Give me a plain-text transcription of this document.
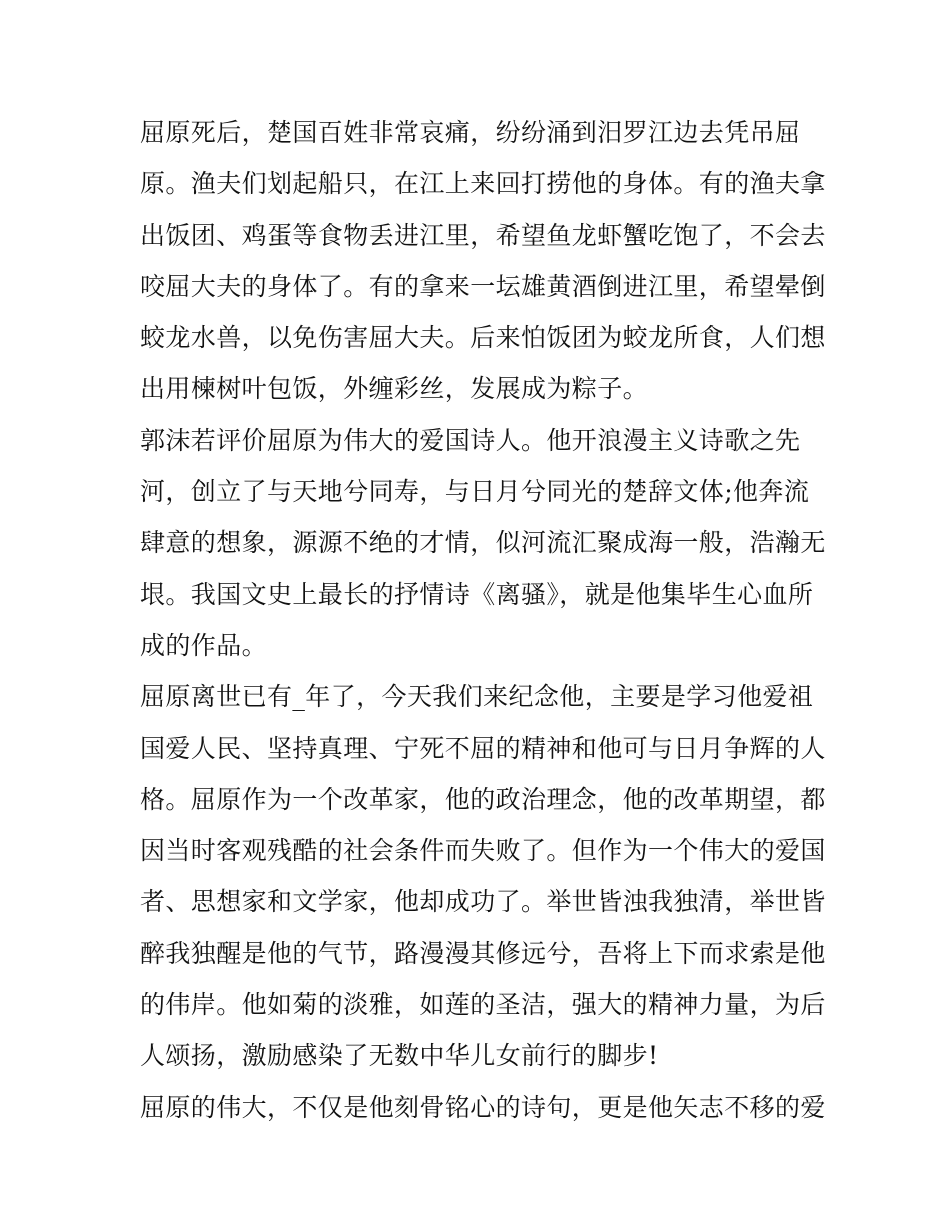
屈原死后，楚国百姓非常哀痛，纷纷涌到汨罗江边去凭吊屈
原。渔夫们划起船只，在江上来回打捞他的身体。有的渔夫拿
出饭团、鸡蛋等食物丢进江里，希望鱼龙虾蟹吃饱了，不会去
咬屈大夫的身体了。有的拿来一坛雄黄酒倒进江里，希望晕倒
蛟龙水兽，以免伤害屈大夫。后来怕饭团为蛟龙所食，人们想
出用楝树叶包饭，外缠彩丝，发展成为粽子。
郭沫若评价屈原为伟大的爱国诗人。他开浪漫主义诗歌之先
河，创立了与天地兮同寿，与日月兮同光的楚辞文体;他奔流
肆意的想象，源源不绝的才情，似河流汇聚成海一般，浩瀚无
垠。我国文史上最长的抒情诗《离骚》，就是他集毕生心血所
成的作品。
屈原离世已有_年了，今天我们来纪念他，主要是学习他爱祖
国爱人民、坚持真理、宁死不屈的精神和他可与日月争辉的人
格。屈原作为一个改革家，他的政治理念，他的改革期望，都
因当时客观残酷的社会条件而失败了。但作为一个伟大的爱国
者、思想家和文学家，他却成功了。举世皆浊我独清，举世皆
醉我独醒是他的气节，路漫漫其修远兮，吾将上下而求索是他
的伟岸。他如菊的淡雅，如莲的圣洁，强大的精神力量，为后
人颂扬，激励感染了无数中华儿女前行的脚步!
屈原的伟大，不仅是他刻骨铭心的诗句，更是他矢志不移的爱
